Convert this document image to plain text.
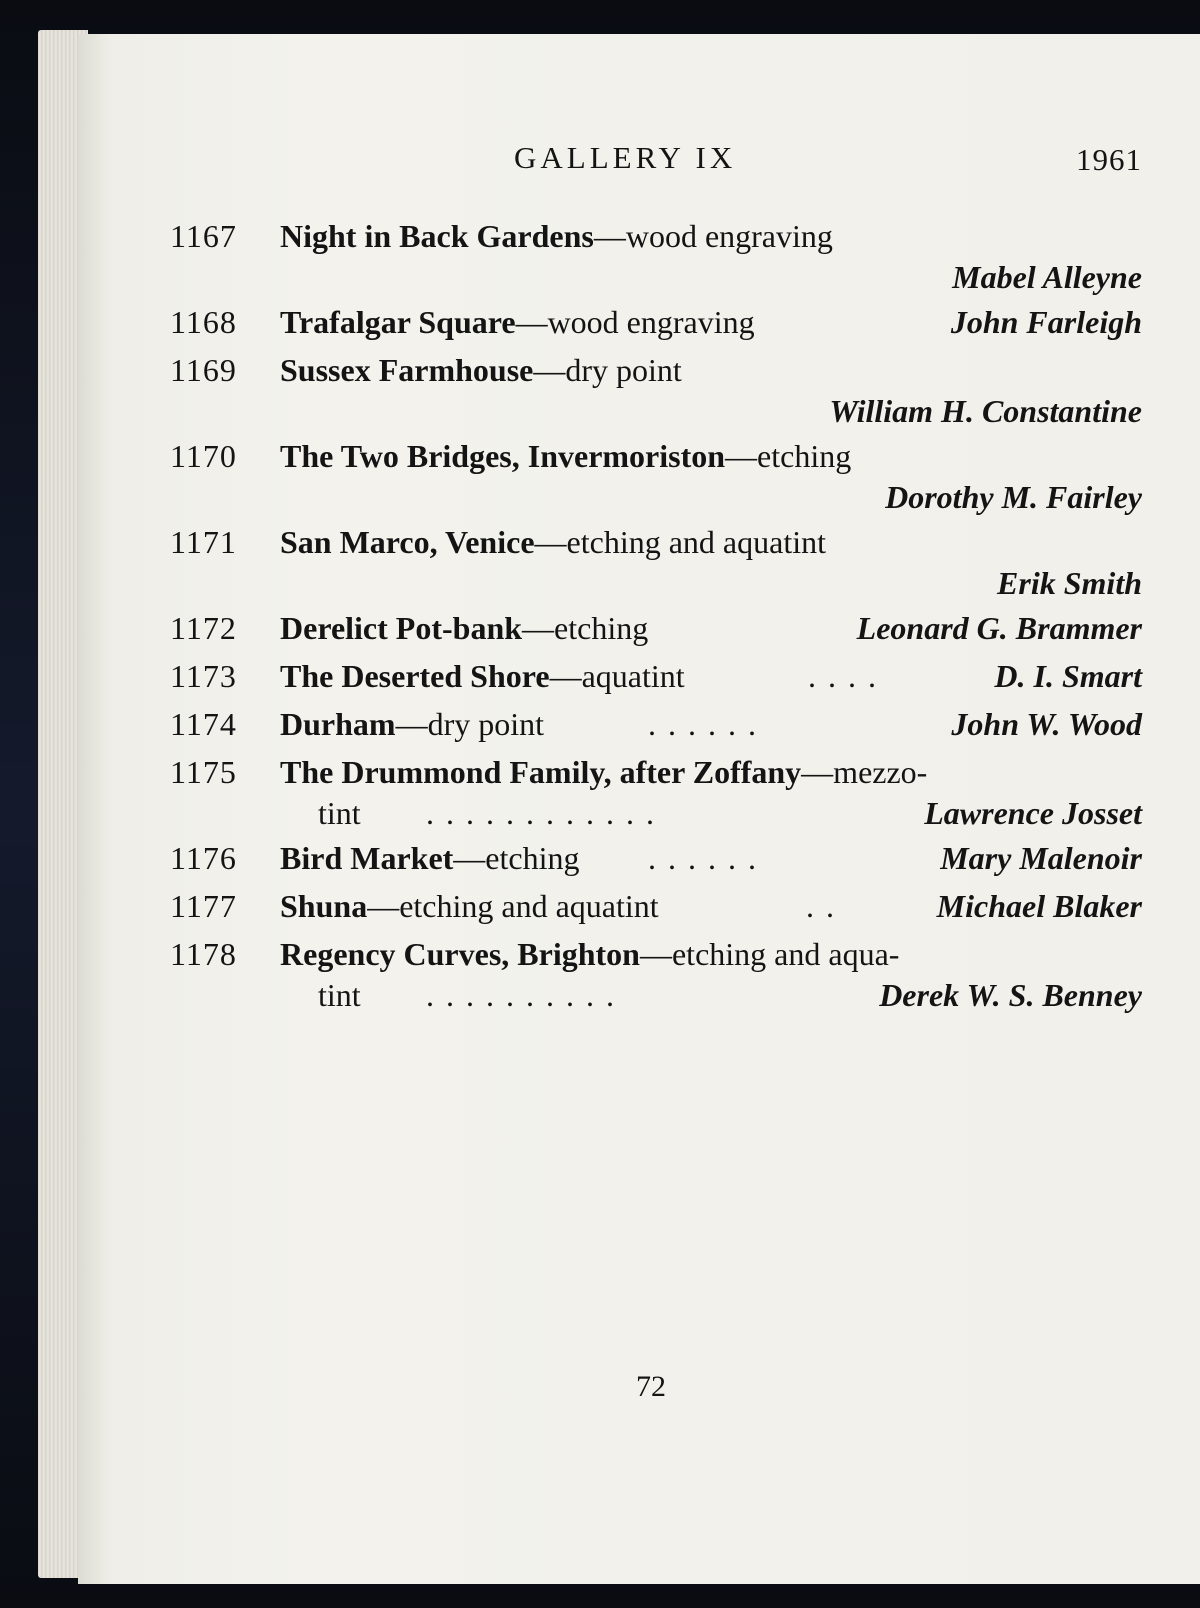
GALLERY IX	1961
1167 Night in Back Gardens—wood engraving
Mabel Alleyne
1168 Trafalgar Square—wood engraving	John Farleigh
1169 Sussex Farmhouse—dry point
William H. Constantine
1170 The Two Bridges, Invermoriston—etching
Dorothy M. Fairley
1171 San Marco, Venice—etching and aquatint
Erik Smith
1172 Derelict Pot-bank—etching	Leonard G. Brammer
1173 The Deserted Shore—aquatint	. . . .	D. I. Smart
1174 Durham—dry point	. . . . . .	John W. Wood
1175 The Drummond Family, after Zoffany—mezzo-
tint . . . . . . . . . . . .	Lawrence Josset
1176 Bird Market—etching . . . . . .	Mary Malenoir
1177 Shuna—etching and aquatint	. .	Michael Blaker
1178 Regency Curves, Brighton—etching and aqua-
tint . . . . . . . . . .	Derek W. S. Benney
72
